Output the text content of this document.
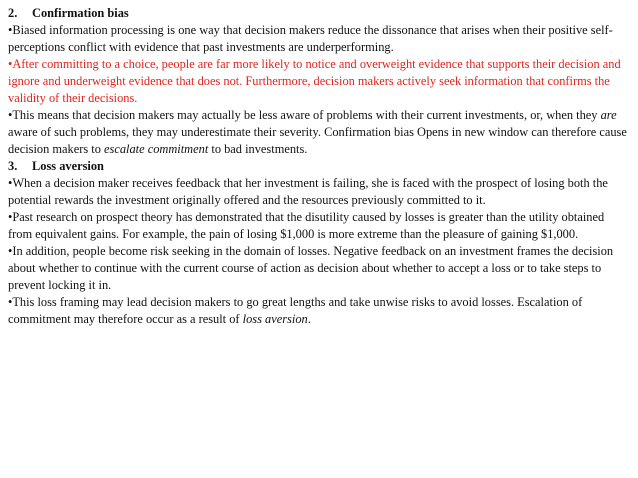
2. Confirmation bias

•Biased information processing is one way that decision makers reduce the dissonance that arises when their positive self-perceptions conflict with evidence that past investments are underperforming.

•After committing to a choice, people are far more likely to notice and overweight evidence that supports their decision and ignore and underweight evidence that does not. Furthermore, decision makers actively seek information that confirms the validity of their decisions.

•This means that decision makers may actually be less aware of problems with their current investments, or, when they are aware of such problems, they may underestimate their severity. Confirmation bias Opens in new window can therefore cause decision makers to escalate commitment to bad investments.

3. Loss aversion

•When a decision maker receives feedback that her investment is failing, she is faced with the prospect of losing both the potential rewards the investment originally offered and the resources previously committed to it.

•Past research on prospect theory has demonstrated that the disutility caused by losses is greater than the utility obtained from equivalent gains. For example, the pain of losing $1,000 is more extreme than the pleasure of gaining $1,000.

•In addition, people become risk seeking in the domain of losses. Negative feedback on an investment frames the decision about whether to continue with the current course of action as decision about whether to accept a loss or to take steps to prevent locking it in.

•This loss framing may lead decision makers to go great lengths and take unwise risks to avoid losses. Escalation of commitment may therefore occur as a result of loss aversion.
